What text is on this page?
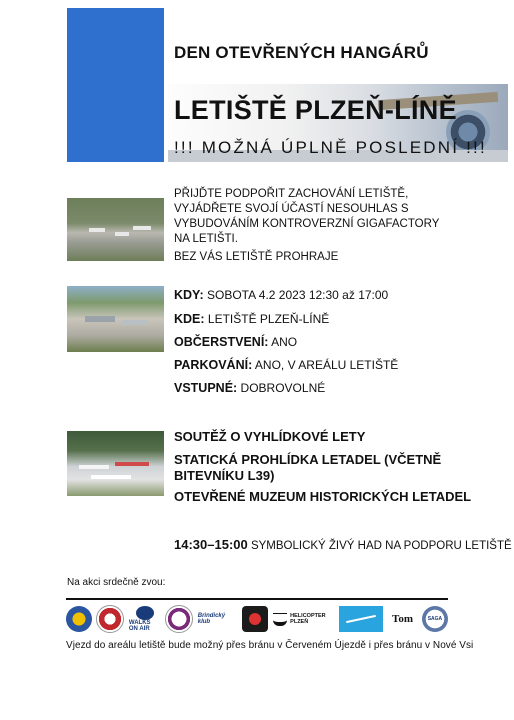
DEN OTEVŘENÝCH HANGÁRŮ
LETIŠTĚ PLZEŇ-LÍNĚ
!!! MOŽNÁ ÚPLNĚ POSLEDNÍ !!!
PŘIJĎTE PODPOŘIT ZACHOVÁNÍ LETIŠTĚ, VYJÁDŘETE SVOJÍ ÚČASTÍ NESOUHLAS S VYBUDOVÁNÍM KONTROVERZNÍ GIGAFACTORY NA LETIŠTI.
BEZ VÁS LETIŠTĚ PROHRAJE
KDY: SOBOTA 4.2 2023 12:30 až 17:00
KDE: LETIŠTĚ PLZEŇ-LÍNĚ
OBČERSTVENÍ: ANO
PARKOVÁNÍ: ANO, V AREÁLU LETIŠTĚ
VSTUPNÉ: DOBROVOLNÉ
SOUTĚŽ O VYHLÍDKOVÉ LETY
STATICKÁ PROHLÍDKA LETADEL (VČETNĚ BITEVNÍKU L39)
OTEVŘENÉ MUZEUM HISTORICKÝCH LETADEL
14:30–15:00 SYMBOLICKÝ ŽIVÝ HAD NA PODPORU LETIŠTĚ
Na akci srdečně zvou:
WALKS ON AIR
Brindický klub
HELICOPTER PLZEŇ	Tom	SAGA
Vjezd do areálu letiště bude možný přes bránu v Červeném Újezdě i přes bránu v Nové Vsi
